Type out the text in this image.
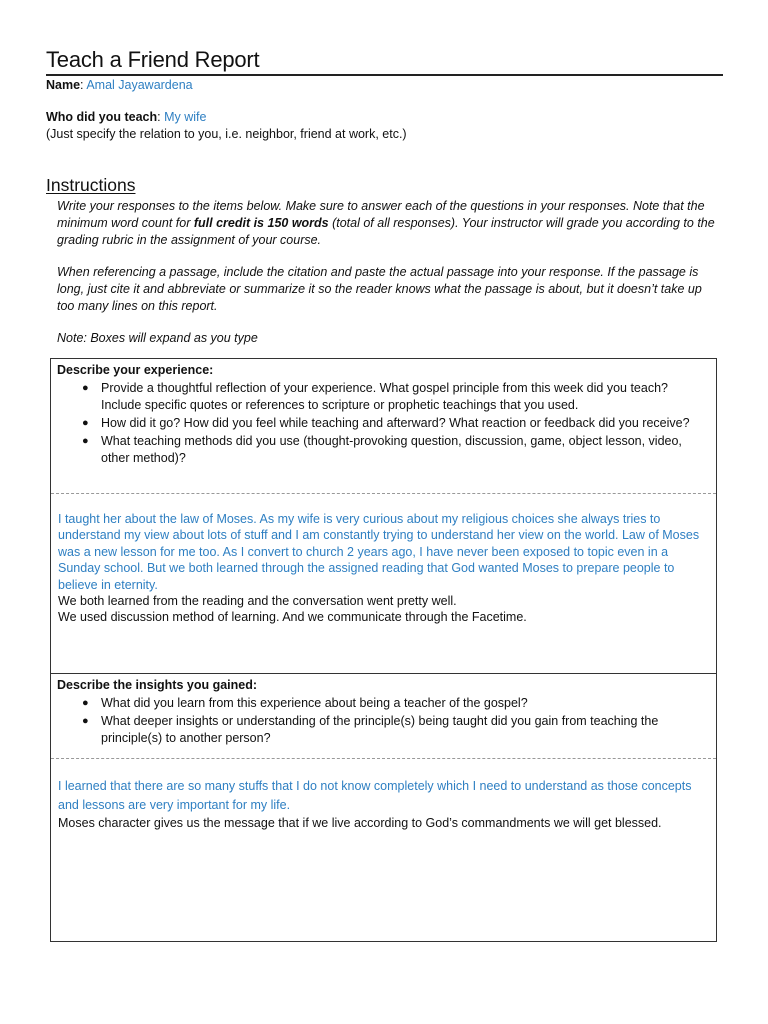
Teach a Friend Report
Name: Amal Jayawardena
Who did you teach: My wife
(Just specify the relation to you, i.e. neighbor, friend at work, etc.)
Instructions

Write your responses to the items below. Make sure to answer each of the questions in your responses. Note that the minimum word count for full credit is 150 words (total of all responses). Your instructor will grade you according to the grading rubric in the assignment of your course.

When referencing a passage, include the citation and paste the actual passage into your response. If the passage is long, just cite it and abbreviate or summarize it so the reader knows what the passage is about, but it doesn’t take up too many lines on this report.

Note: Boxes will expand as you type

Describe your experience:
● Provide a thoughtful reflection of your experience. What gospel principle from this week did you teach? Include specific quotes or references to scripture or prophetic teachings that you used.
● How did it go? How did you feel while teaching and afterward? What reaction or feedback did you receive?
● What teaching methods did you use (thought-provoking question, discussion, game, object lesson, video, other method)?

I taught her about the law of Moses. As my wife is very curious about my religious choices she always tries to understand my view about lots of stuff and I am constantly trying to understand her view on the world. Law of Moses was a new lesson for me too. As I convert to church 2 years ago, I have never been exposed to topic even in a Sunday school. But we both learned through the assigned reading that God wanted Moses to prepare people to believe in eternity.

We both learned from the reading and the conversation went pretty well.

We used discussion method of learning. And we communicate through the Facetime.

Describe the insights you gained:
● What did you learn from this experience about being a teacher of the gospel?
● What deeper insights or understanding of the principle(s) being taught did you gain from teaching the principle(s) to another person?

I learned that there are so many stuffs that I do not know completely which I need to understand as those concepts and lessons are very important for my life.

Moses character gives us the message that if we live according to God’s commandments we will get blessed.
